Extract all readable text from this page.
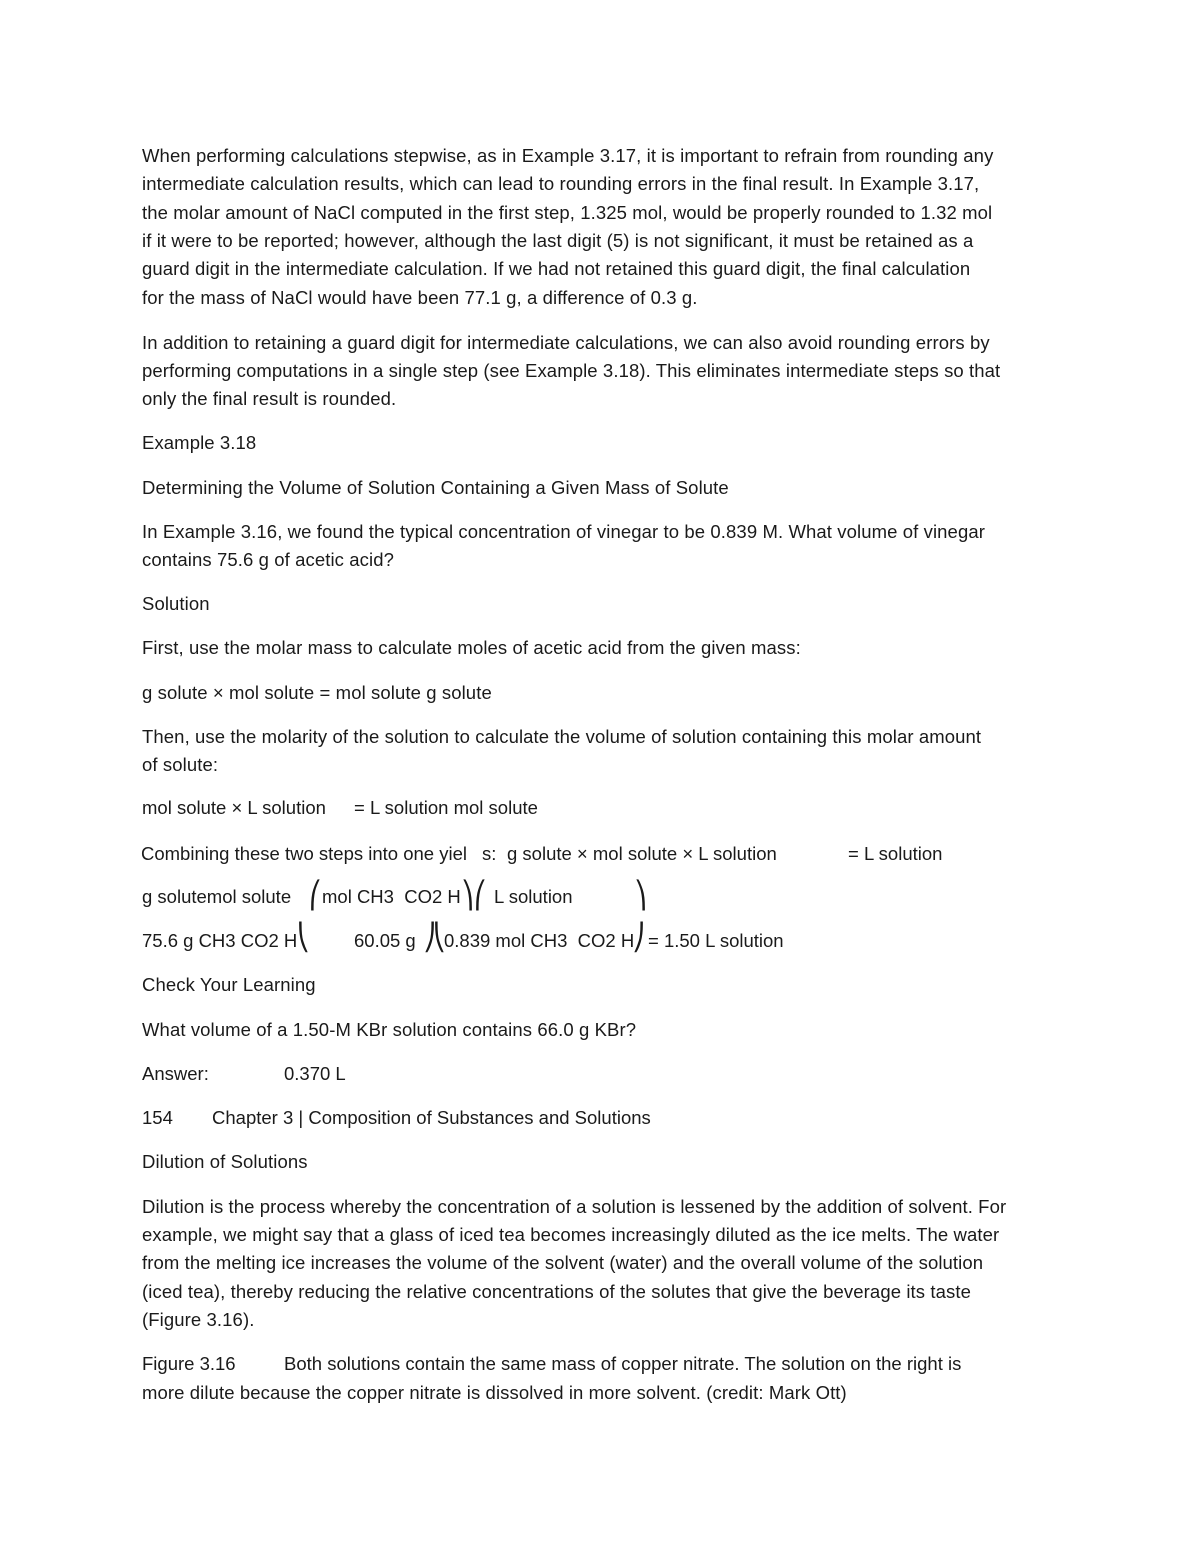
When performing calculations stepwise, as in Example 3.17, it is important to refrain from rounding any
intermediate calculation results, which can lead to rounding errors in the final result. In Example 3.17,
the molar amount of NaCl computed in the first step, 1.325 mol, would be properly rounded to 1.32 mol
if it were to be reported; however, although the last digit (5) is not significant, it must be retained as a
guard digit in the intermediate calculation. If we had not retained this guard digit, the final calculation
for the mass of NaCl would have been 77.1 g, a difference of 0.3 g.
In addition to retaining a guard digit for intermediate calculations, we can also avoid rounding errors by
performing computations in a single step (see Example 3.18). This eliminates intermediate steps so that
only the final result is rounded.
Example 3.18
Determining the Volume of Solution Containing a Given Mass of Solute
In Example 3.16, we found the typical concentration of vinegar to be 0.839 M. What volume of vinegar
contains 75.6 g of acetic acid?
Solution
First, use the molar mass to calculate moles of acetic acid from the given mass:
g solute × mol solute = mol solute g solute
Then, use the molarity of the solution to calculate the volume of solution containing this molar amount
of solute:
mol solute × L solution = L solution mol solute
Combining these two steps into one yiel s: g solute × mol solute × L solution	= L solution
g solutemol solute ⎛ mol CH3  CO2 H ⎞ ⎛ L solution ⎞
75.6 g CH3 CO2 H ⎝ 60.05 g ⎠
⎝
0.839 mol CH3  CO2 H
⎠ = 1.50 L solution
Check Your Learning
What volume of a 1.50-M KBr solution contains 66.0 g KBr?
Answer:	0.370 L
154 Chapter 3 | Composition of Substances and Solutions
Dilution of Solutions
Dilution is the process whereby the concentration of a solution is lessened by the addition of solvent. For
example, we might say that a glass of iced tea becomes increasingly diluted as the ice melts. The water
from the melting ice increases the volume of the solvent (water) and the overall volume of the solution
(iced tea), thereby reducing the relative concentrations of the solutes that give the beverage its taste
(Figure 3.16).
Figure 3.16	Both solutions contain the same mass of copper nitrate. The solution on the right is
more dilute because the copper nitrate is dissolved in more solvent. (credit: Mark Ott)
